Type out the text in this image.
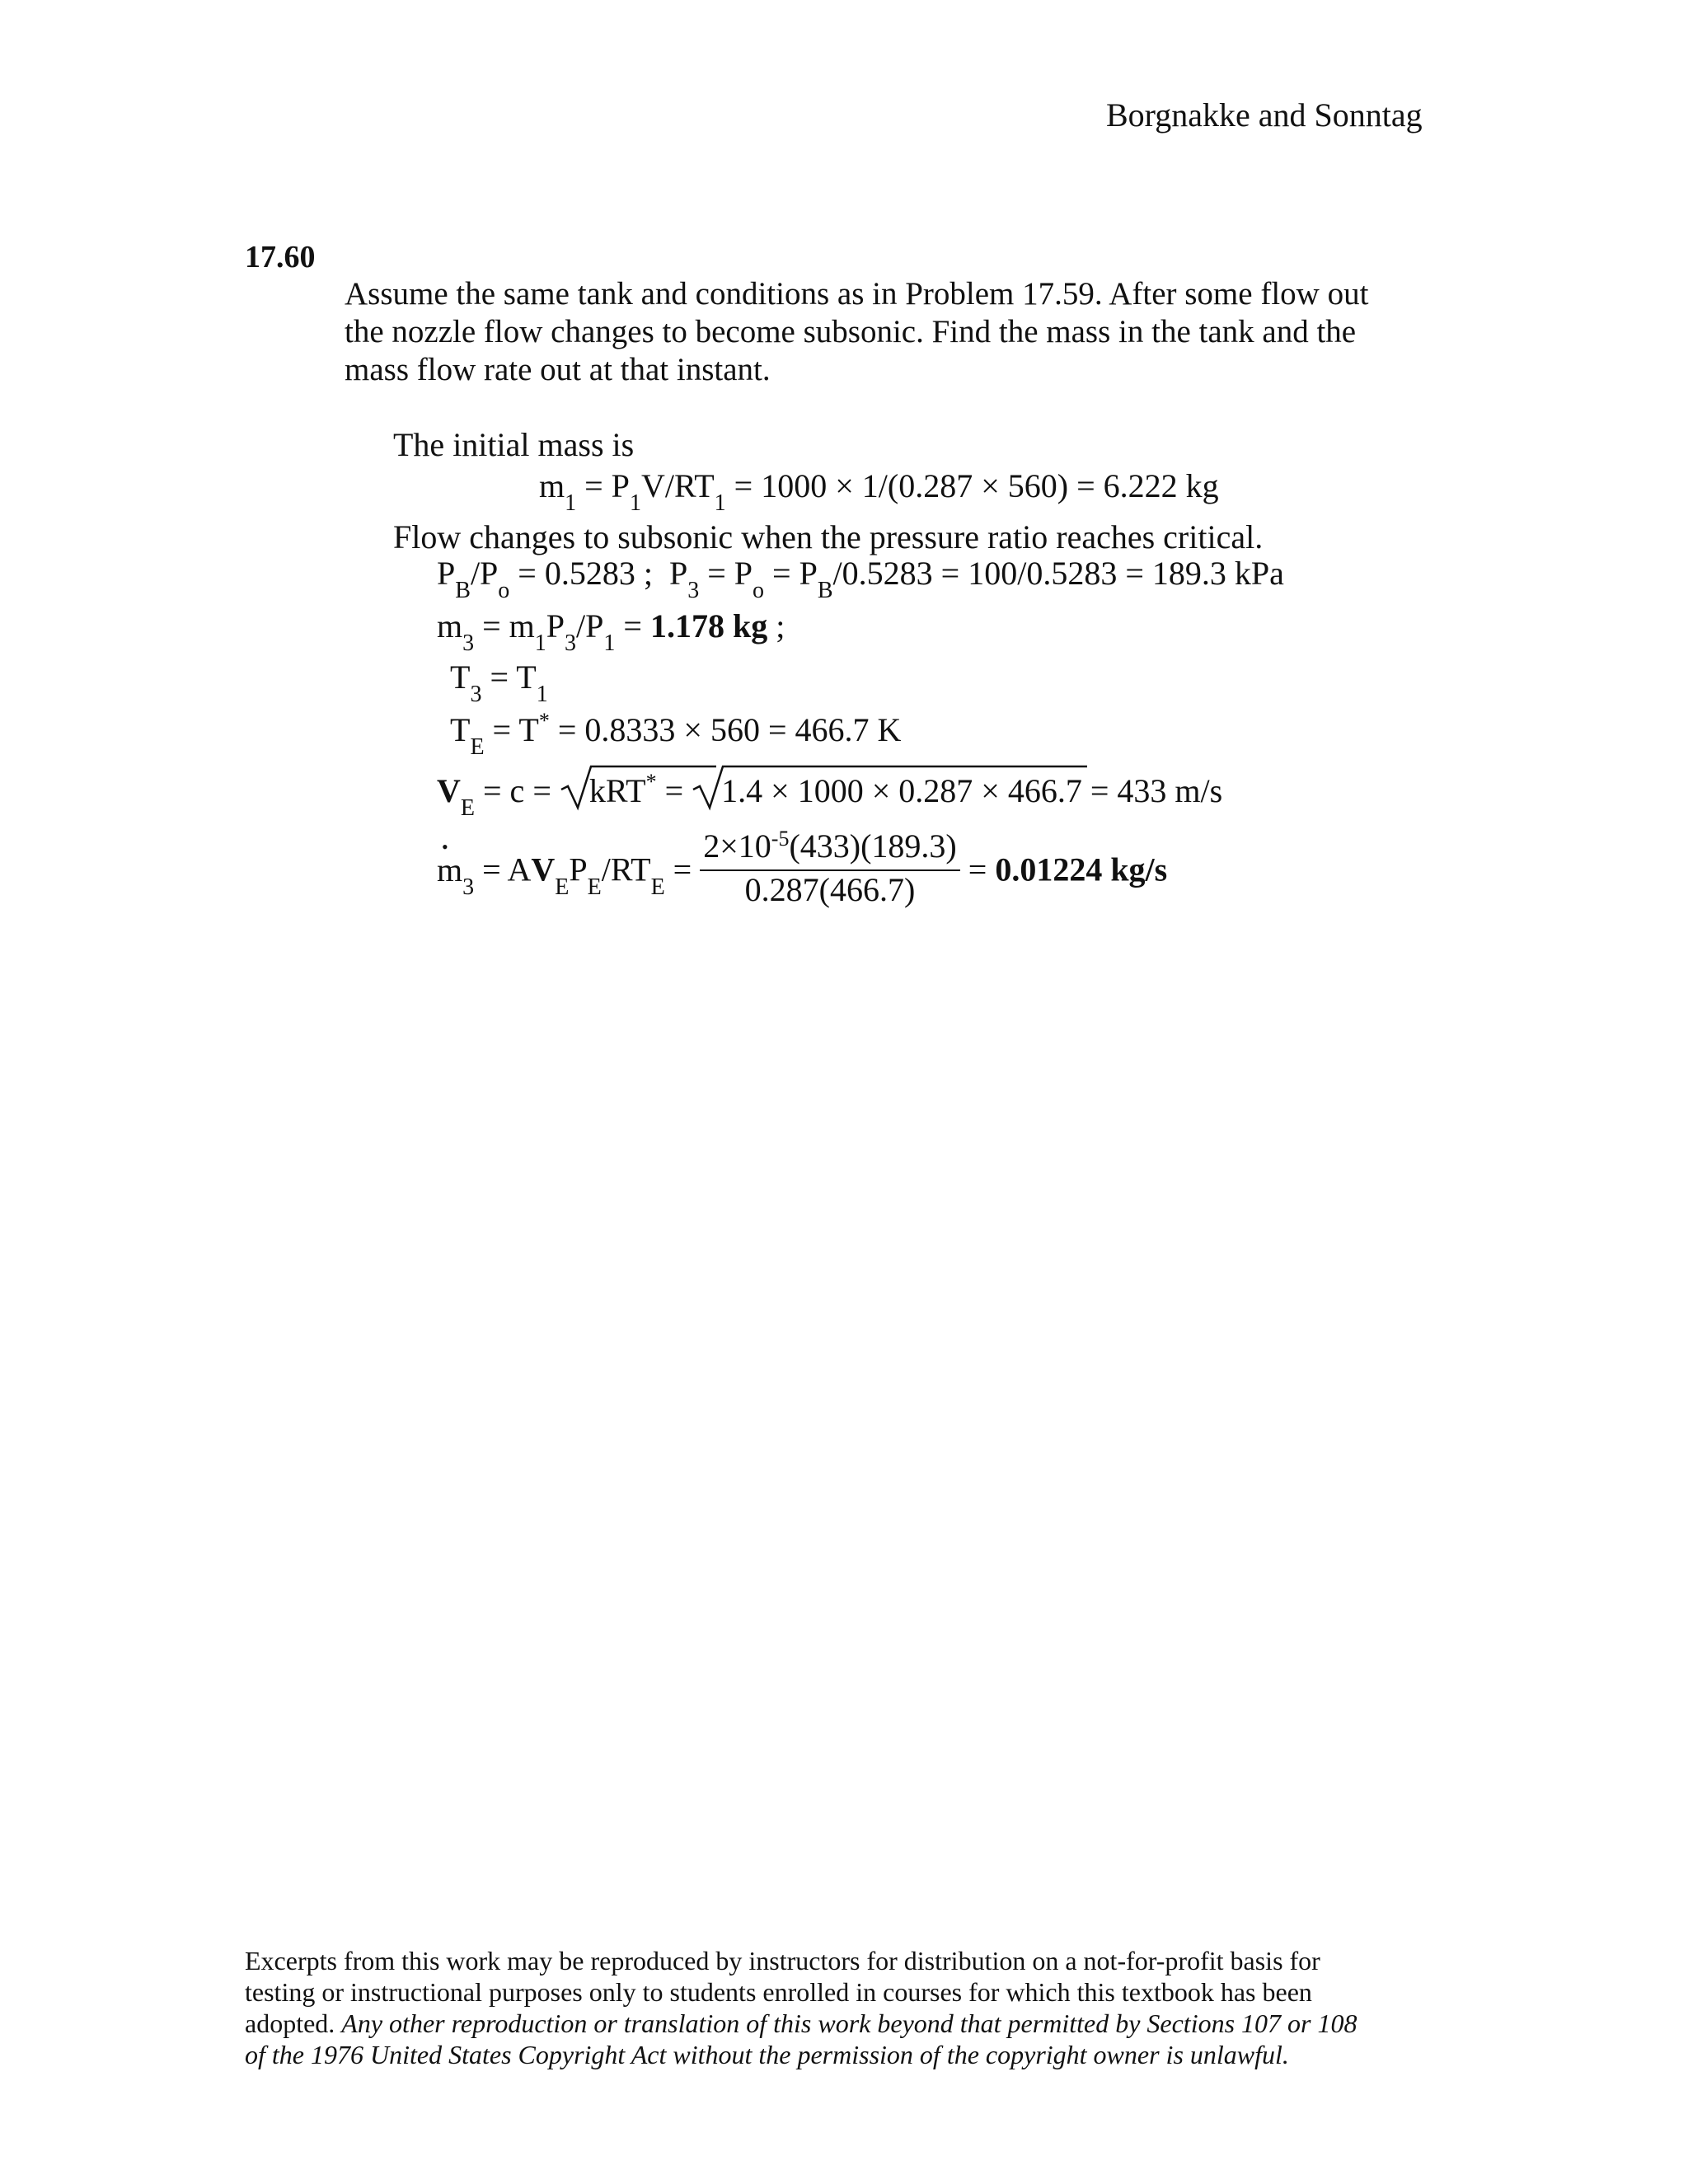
Borgnakke and Sonntag
17.60
Assume the same tank and conditions as in Problem 17.59. After some flow out
the nozzle flow changes to become subsonic. Find the mass in the tank and the
mass flow rate out at that instant.
The initial mass is
$m_1 = P_1V/RT_1 = 1000 \times 1/(0.287 \times 560) = 6.222$ kg
Flow changes to subsonic when the pressure ratio reaches critical.
$P_B/P_o = 0.5283$ ; $P_3 = P_o = P_B/0.5283 = 100/0.5283 = 189.3$ kPa
$m_3 = m_1P_3/P_1 = 1.178$ kg ;
$T_3 = T_1$
$T_E = T^* = 0.8333 \times 560 = 466.7$ K
$V_E = c = kRT^* = 1.4 \times 1000 \times 0.287 \times 466.7 = 433$ m/s
• $m_3 = AV_EP_E/RT_E = \frac{2\times 10^{-5}(433)(189.3)}{0.287(466.7)} = 0.01224$ kg/s
Excerpts from this work may be reproduced by instructors for distribution on a not-for-profit basis for
testing or instructional purposes only to students enrolled in courses for which this textbook has been
adopted. Any other reproduction or translation of this work beyond that permitted by Sections 107 or 108
of the 1976 United States Copyright Act without the permission of the copyright owner is unlawful.
